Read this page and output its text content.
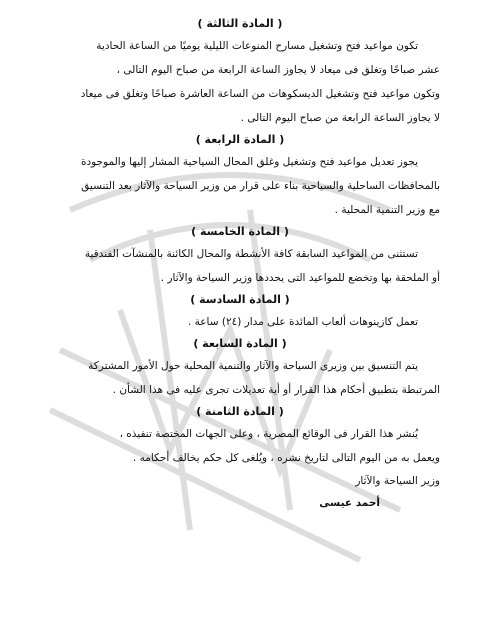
( المادة الثالثة )

تكون مواعيد فتح وتشغيل مسارح المنوعات الليلية يوميًا من الساعة الحادية

عشر صباحًا وتغلق فى ميعاد لا يجاوز الساعة الرابعة من صباح اليوم التالى ،

وتكون مواعيد فتح وتشغيل الديسكوهات من الساعة العاشرة صباحًا وتغلق فى ميعاد

لا يجاوز الساعة الرابعة من صباح اليوم التالى .

( المادة الرابعة )

يجوز تعديل مواعيد فتح وتشغيل وغلق المحال السياحية المشار إليها والموجودة

بالمحافظات الساحلية والسياحية بناء على قرار من وزير السياحة والآثار بعد التنسيق

مع وزير التنمية المحلية .

( المادة الخامسة )

تستثنى من المواعيد السابقة كافة الأنشطة والمحال الكائنة بالمنشآت الفندقية

أو الملحقة بها وتخضع للمواعيد التى يحددها وزير السياحة والآثار .

( المادة السادسة )

تعمل كازينوهات ألعاب المائدة على مدار (٢٤) ساعة .

( المادة السابعة )

يتم التنسيق بين وزيرى السياحة والآثار والتنمية المحلية حول الأمور المشتركة

المرتبطة بتطبيق أحكام هذا القرار أو أية تعديلات تجرى عليه فى هذا الشأن .

( المادة الثامنة )

يُنشر هذا القرار فى الوقائع المصرية ، وعلى الجهات المختصة تنفيذه ،

ويعمل به من اليوم التالى لتاريخ نشره ، ويُلغى كل حكم يخالف أحكامه .

وزير السياحة والآثار

أحمد عيسى
